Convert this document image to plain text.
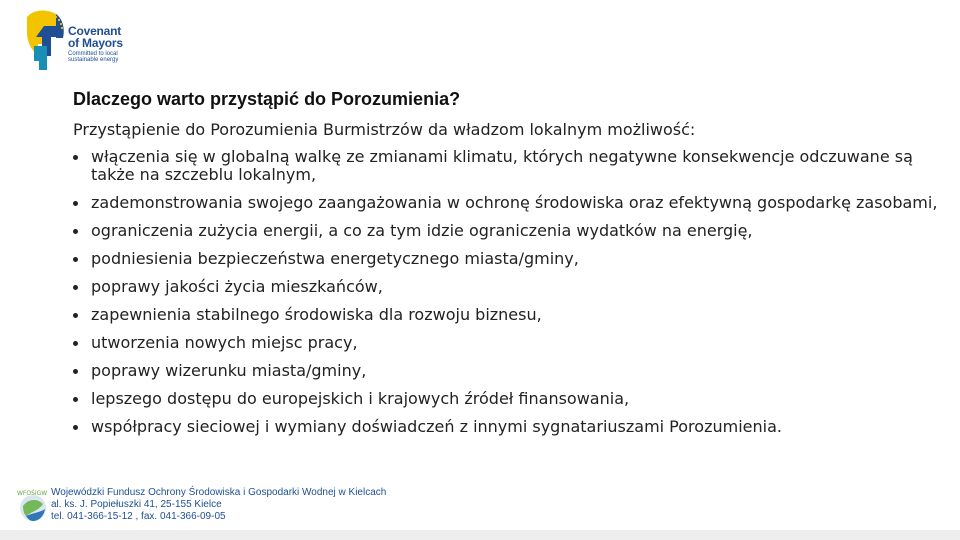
Covenant
of Mayors
Committed to local
sustainable energy
Dlaczego warto przystąpić do Porozumienia?
Przystąpienie do Porozumienia Burmistrzów da władzom lokalnym możliwość:
włączenia się w globalną walkę ze zmianami klimatu, których negatywne konsekwencje odczuwane są także na szczeblu lokalnym,
zademonstrowania swojego zaangażowania w ochronę środowiska oraz efektywną gospodarkę zasobami,
ograniczenia zużycia energii, a co za tym idzie ograniczenia wydatków na energię,
podniesienia bezpieczeństwa energetycznego miasta/gminy,
poprawy jakości życia mieszkańców,
zapewnienia stabilnego środowiska dla rozwoju biznesu,
utworzenia nowych miejsc pracy,
poprawy wizerunku miasta/gminy,
lepszego dostępu do europejskich i krajowych źródeł finansowania,
współpracy sieciowej i wymiany doświadczeń z innymi sygnatariuszami Porozumienia.
WFOŚiGW Wojewódzki Fundusz Ochrony Środowiska i Gospodarki Wodnej w Kielcach
al. ks. J. Popiełuszki 41, 25-155 Kielce
tel. 041-366-15-12 , fax. 041-366-09-05
